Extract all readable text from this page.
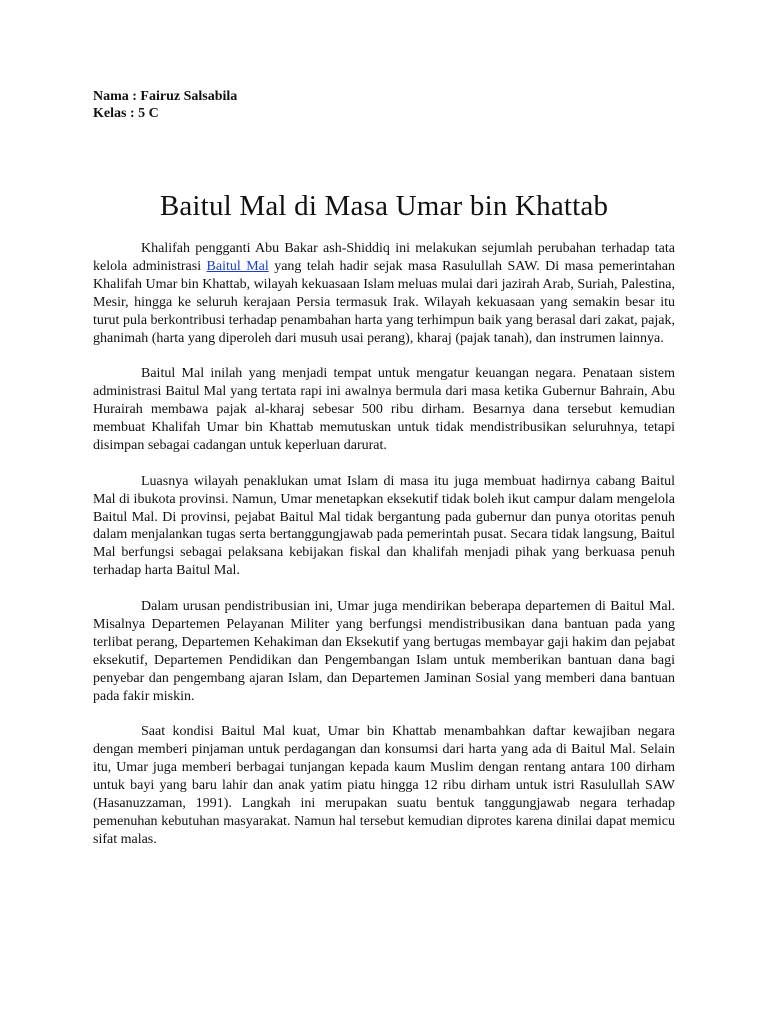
Nama : Fairuz Salsabila
Kelas : 5 C
Baitul Mal di Masa Umar bin Khattab

Khalifah pengganti Abu Bakar ash-Shiddiq ini melakukan sejumlah perubahan terhadap tata kelola administrasi Baitul Mal yang telah hadir sejak masa Rasulullah SAW. Di masa pemerintahan Khalifah Umar bin Khattab, wilayah kekuasaan Islam meluas mulai dari jazirah Arab, Suriah, Palestina, Mesir, hingga ke seluruh kerajaan Persia termasuk Irak. Wilayah kekuasaan yang semakin besar itu turut pula berkontribusi terhadap penambahan harta yang terhimpun baik yang berasal dari zakat, pajak, ghanimah (harta yang diperoleh dari musuh usai perang), kharaj (pajak tanah), dan instrumen lainnya.

Baitul Mal inilah yang menjadi tempat untuk mengatur keuangan negara. Penataan sistem administrasi Baitul Mal yang tertata rapi ini awalnya bermula dari masa ketika Gubernur Bahrain, Abu Hurairah membawa pajak al-kharaj sebesar 500 ribu dirham. Besarnya dana tersebut kemudian membuat Khalifah Umar bin Khattab memutuskan untuk tidak mendistribusikan seluruhnya, tetapi disimpan sebagai cadangan untuk keperluan darurat.

Luasnya wilayah penaklukan umat Islam di masa itu juga membuat hadirnya cabang Baitul Mal di ibukota provinsi. Namun, Umar menetapkan eksekutif tidak boleh ikut campur dalam mengelola Baitul Mal. Di provinsi, pejabat Baitul Mal tidak bergantung pada gubernur dan punya otoritas penuh dalam menjalankan tugas serta bertanggungjawab pada pemerintah pusat. Secara tidak langsung, Baitul Mal berfungsi sebagai pelaksana kebijakan fiskal dan khalifah menjadi pihak yang berkuasa penuh terhadap harta Baitul Mal.

Dalam urusan pendistribusian ini, Umar juga mendirikan beberapa departemen di Baitul Mal. Misalnya Departemen Pelayanan Militer yang berfungsi mendistribusikan dana bantuan pada yang terlibat perang, Departemen Kehakiman dan Eksekutif yang bertugas membayar gaji hakim dan pejabat eksekutif, Departemen Pendidikan dan Pengembangan Islam untuk memberikan bantuan dana bagi penyebar dan pengembang ajaran Islam, dan Departemen Jaminan Sosial yang memberi dana bantuan pada fakir miskin.

Saat kondisi Baitul Mal kuat, Umar bin Khattab menambahkan daftar kewajiban negara dengan memberi pinjaman untuk perdagangan dan konsumsi dari harta yang ada di Baitul Mal. Selain itu, Umar juga memberi berbagai tunjangan kepada kaum Muslim dengan rentang antara 100 dirham untuk bayi yang baru lahir dan anak yatim piatu hingga 12 ribu dirham untuk istri Rasulullah SAW (Hasanuzzaman, 1991). Langkah ini merupakan suatu bentuk tanggungjawab negara terhadap pemenuhan kebutuhan masyarakat. Namun hal tersebut kemudian diprotes karena dinilai dapat memicu sifat malas.
